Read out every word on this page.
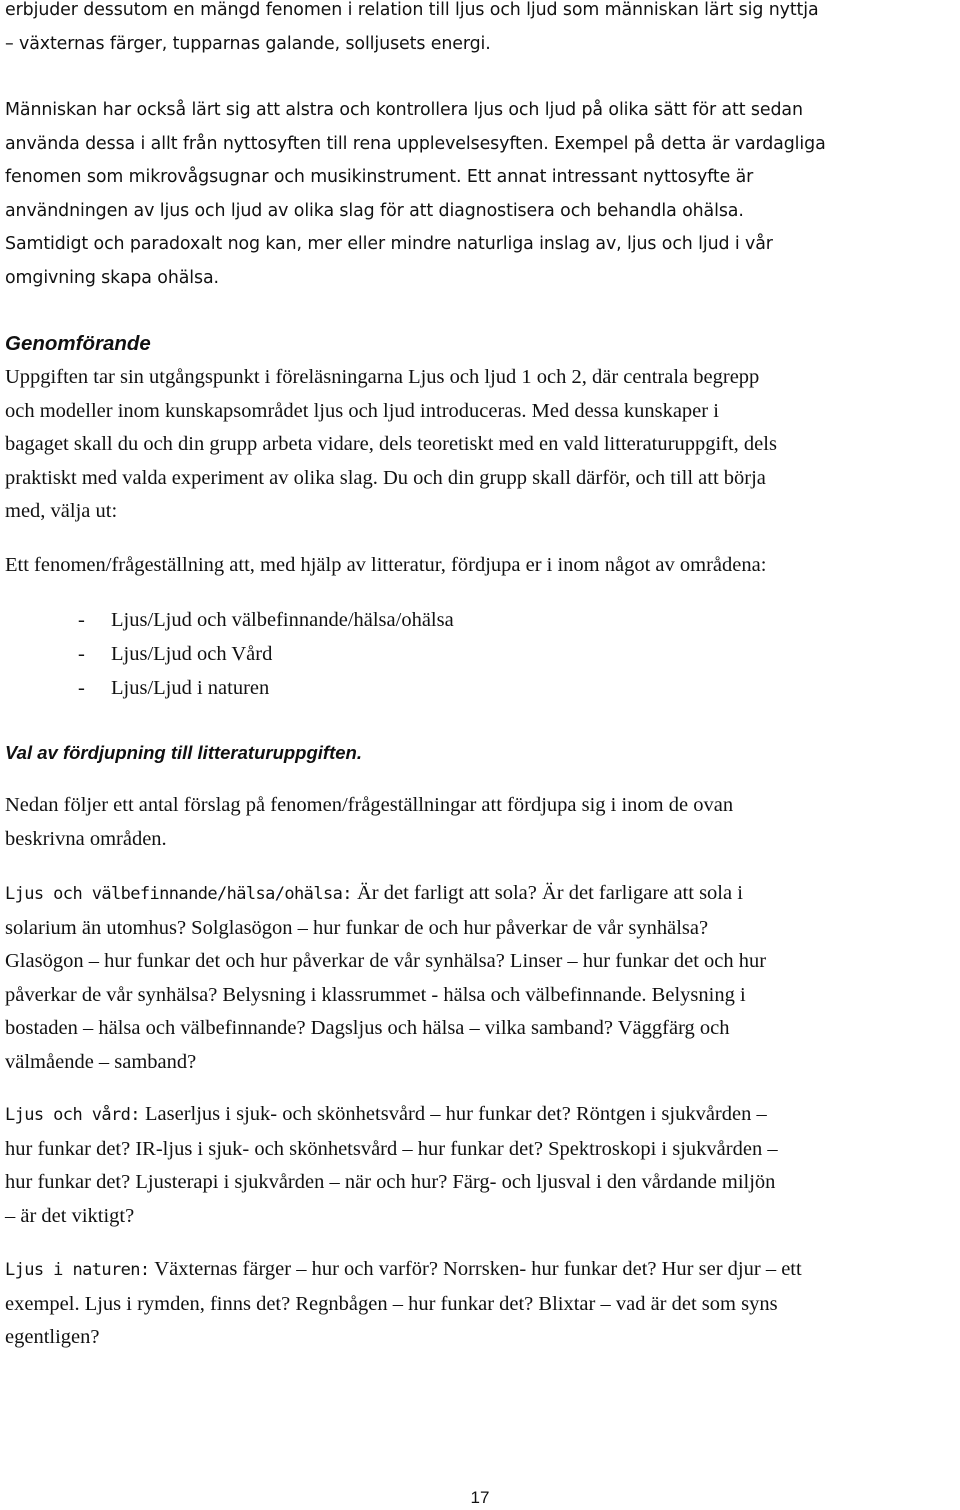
erbjuder dessutom en mängd fenomen i relation till ljus och ljud som människan lärt sig nyttja
– växternas färger, tupparnas galande, solljusets energi.

Människan har också lärt sig att alstra och kontrollera ljus och ljud på olika sätt för att sedan
använda dessa i allt från nyttosyften till rena upplevelsesyften. Exempel på detta är vardagliga
fenomen som mikrovågsugnar och musikinstrument. Ett annat intressant nyttosyfte är
användningen av ljus och ljud av olika slag för att diagnostisera och behandla ohälsa.
Samtidigt och paradoxalt nog kan, mer eller mindre naturliga inslag av, ljus och ljud i vår
omgivning skapa ohälsa.

Genomförande

Uppgiften tar sin utgångspunkt i föreläsningarna Ljus och ljud 1 och 2, där centrala begrepp
och modeller inom kunskapsområdet ljus och ljud introduceras. Med dessa kunskaper i
bagaget skall du och din grupp arbeta vidare, dels teoretiskt med en vald litteraturuppgift, dels
praktiskt med valda experiment av olika slag. Du och din grupp skall därför, och till att börja
med, välja ut:

Ett fenomen/frågeställning att, med hjälp av litteratur, fördjupa er i inom något av områdena:

-	Ljus/Ljud och välbefinnande/hälsa/ohälsa
-	Ljus/Ljud och Vård
-	Ljus/Ljud i naturen
Val av fördjupning till litteraturuppgiften.

Nedan följer ett antal förslag på fenomen/frågeställningar att fördjupa sig i inom de ovan
beskrivna områden.

Ljus och välbefinnande/hälsa/ohälsa: Är det farligt att sola? Är det farligare att sola i
solarium än utomhus? Solglasögon – hur funkar de och hur påverkar de vår synhälsa?
Glasögon – hur funkar det och hur påverkar de vår synhälsa? Linser – hur funkar det och hur
påverkar de vår synhälsa? Belysning i klassrummet - hälsa och välbefinnande. Belysning i
bostaden – hälsa och välbefinnande? Dagsljus och hälsa – vilka samband? Väggfärg och
välmående – samband?

Ljus och vård: Laserljus i sjuk- och skönhetsvård – hur funkar det? Röntgen i sjukvården –
hur funkar det? IR-ljus i sjuk- och skönhetsvård – hur funkar det? Spektroskopi i sjukvården –
hur funkar det? Ljusterapi i sjukvården – när och hur? Färg- och ljusval i den vårdande miljön
– är det viktigt?

Ljus i naturen: Växternas färger – hur och varför? Norrsken- hur funkar det? Hur ser djur – ett
exempel. Ljus i rymden, finns det? Regnbågen – hur funkar det? Blixtar – vad är det som syns
egentligen?

17
